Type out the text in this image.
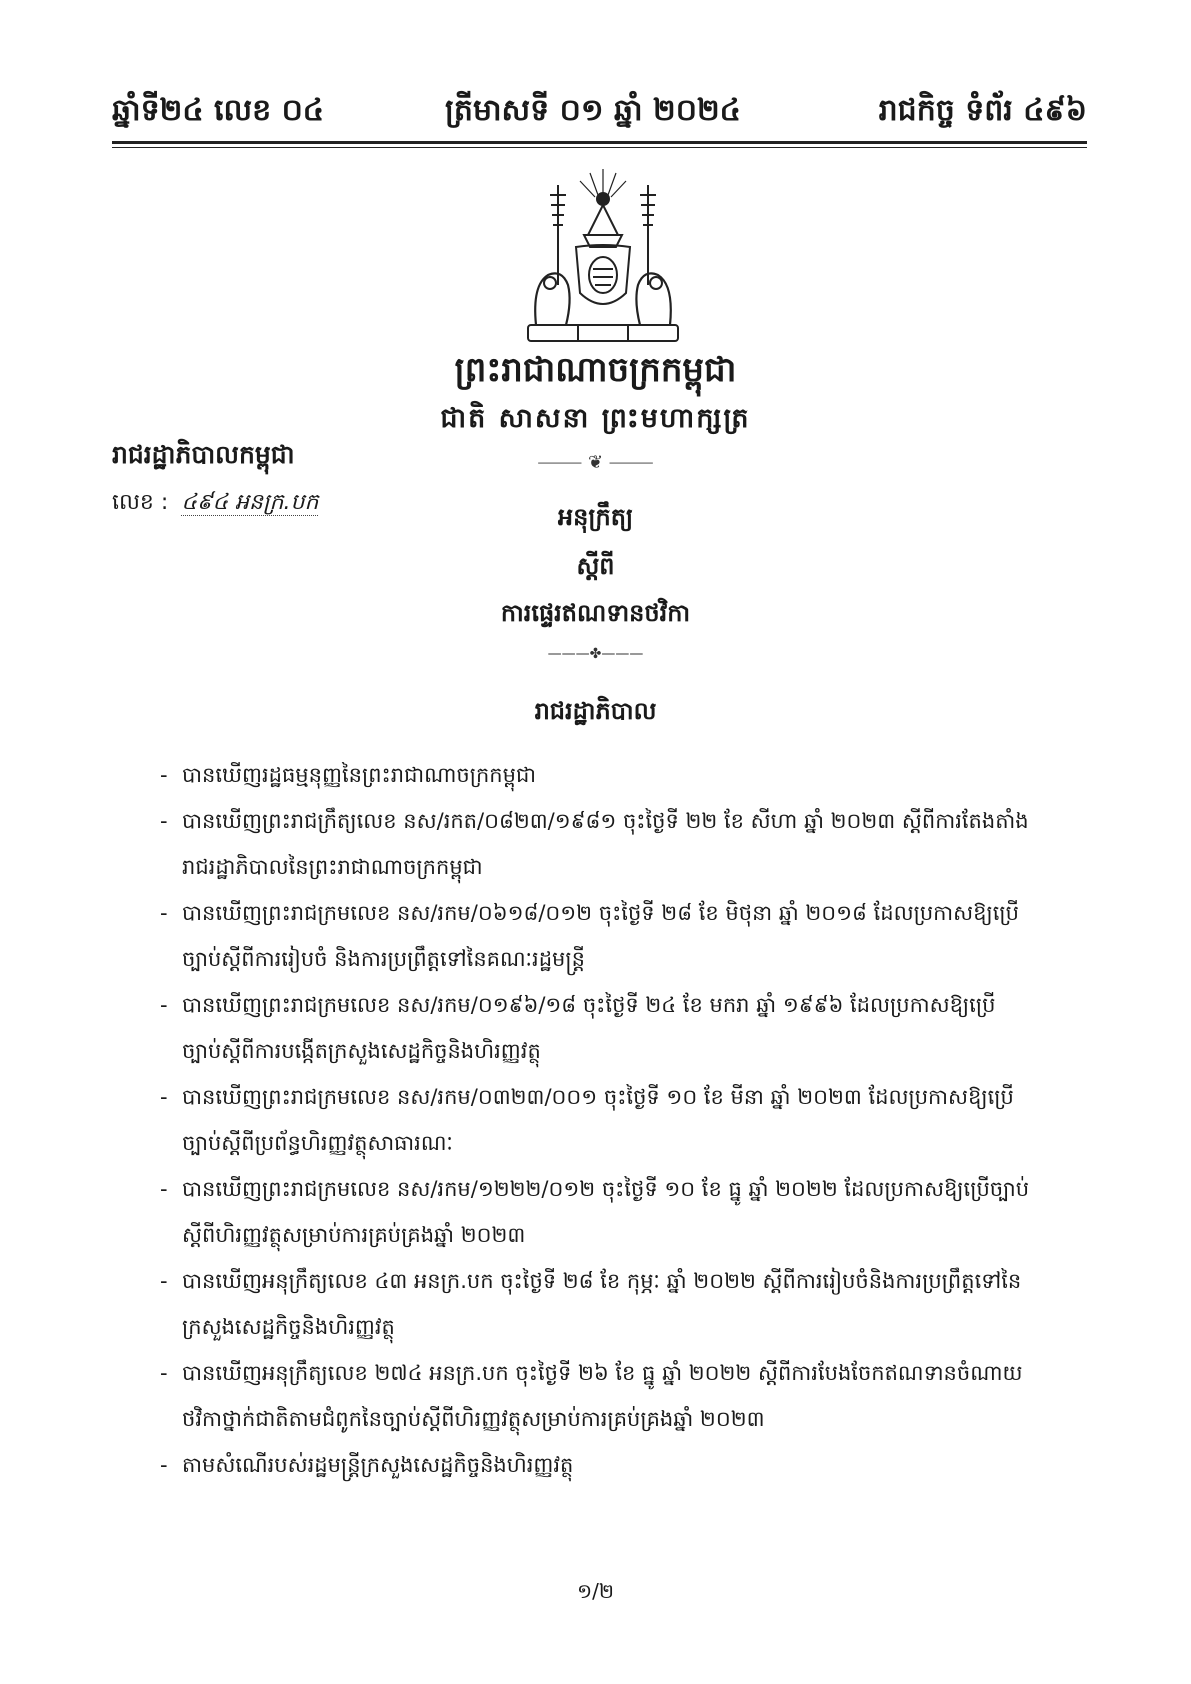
ឆ្នាំទី២៤ លេខ ០៤	ត្រីមាសទី ០១ ឆ្នាំ ២០២៤	រាជកិច្ច ទំព័រ ៤៩៦
ព្រះរាជាណាចក្រកម្ពុជា
ជាតិ សាសនា ព្រះមហាក្សត្រ
⸻ ❦ ⸻
រាជរដ្ឋាភិបាលកម្ពុជា
លេខ : ៤៩៤ អនក្រ.បក
អនុក្រឹត្យ
ស្តីពី
ការផ្ទេរឥណទានថវិកា
———✤———
រាជរដ្ឋាភិបាល
- បានឃើញរដ្ឋធម្មនុញ្ញនៃព្រះរាជាណាចក្រកម្ពុជា
- បានឃើញព្រះរាជក្រឹត្យលេខ នស/រកត/០៨២៣/១៩៨១ ចុះថ្ងៃទី ២២ ខែ សីហា ឆ្នាំ ២០២៣ ស្តីពីការតែងតាំងរាជរដ្ឋាភិបាលនៃព្រះរាជាណាចក្រកម្ពុជា
- បានឃើញព្រះរាជក្រមលេខ នស/រកម/០៦១៨/០១២ ចុះថ្ងៃទី ២៨ ខែ មិថុនា ឆ្នាំ ២០១៨ ដែលប្រកាសឱ្យប្រើច្បាប់ស្តីពីការរៀបចំ និងការប្រព្រឹត្តទៅនៃគណៈរដ្ឋមន្ត្រី
- បានឃើញព្រះរាជក្រមលេខ នស/រកម/០១៩៦/១៨ ចុះថ្ងៃទី ២៤ ខែ មករា ឆ្នាំ ១៩៩៦ ដែលប្រកាសឱ្យប្រើច្បាប់ស្តីពីការបង្កើតក្រសួងសេដ្ឋកិច្ចនិងហិរញ្ញវត្ថុ
- បានឃើញព្រះរាជក្រមលេខ នស/រកម/០៣២៣/០០១ ចុះថ្ងៃទី ១០ ខែ មីនា ឆ្នាំ ២០២៣ ដែលប្រកាសឱ្យប្រើច្បាប់ស្តីពីប្រព័ន្ធហិរញ្ញវត្ថុសាធារណៈ
- បានឃើញព្រះរាជក្រមលេខ នស/រកម/១២២២/០១២ ចុះថ្ងៃទី ១០ ខែ ធ្នូ ឆ្នាំ ២០២២ ដែលប្រកាសឱ្យប្រើច្បាប់ស្តីពីហិរញ្ញវត្ថុសម្រាប់ការគ្រប់គ្រងឆ្នាំ ២០២៣
- បានឃើញអនុក្រឹត្យលេខ ៤៣ អនក្រ.បក ចុះថ្ងៃទី ២៨ ខែ កុម្ភៈ ឆ្នាំ ២០២២ ស្តីពីការរៀបចំនិងការប្រព្រឹត្តទៅនៃក្រសួងសេដ្ឋកិច្ចនិងហិរញ្ញវត្ថុ
- បានឃើញអនុក្រឹត្យលេខ ២៧៤ អនក្រ.បក ចុះថ្ងៃទី ២៦ ខែ ធ្នូ ឆ្នាំ ២០២២ ស្តីពីការបែងចែកឥណទានចំណាយថវិកាថ្នាក់ជាតិតាមជំពូកនៃច្បាប់ស្តីពីហិរញ្ញវត្ថុសម្រាប់ការគ្រប់គ្រងឆ្នាំ ២០២៣
- តាមសំណើរបស់រដ្ឋមន្ត្រីក្រសួងសេដ្ឋកិច្ចនិងហិរញ្ញវត្ថុ
១/២
